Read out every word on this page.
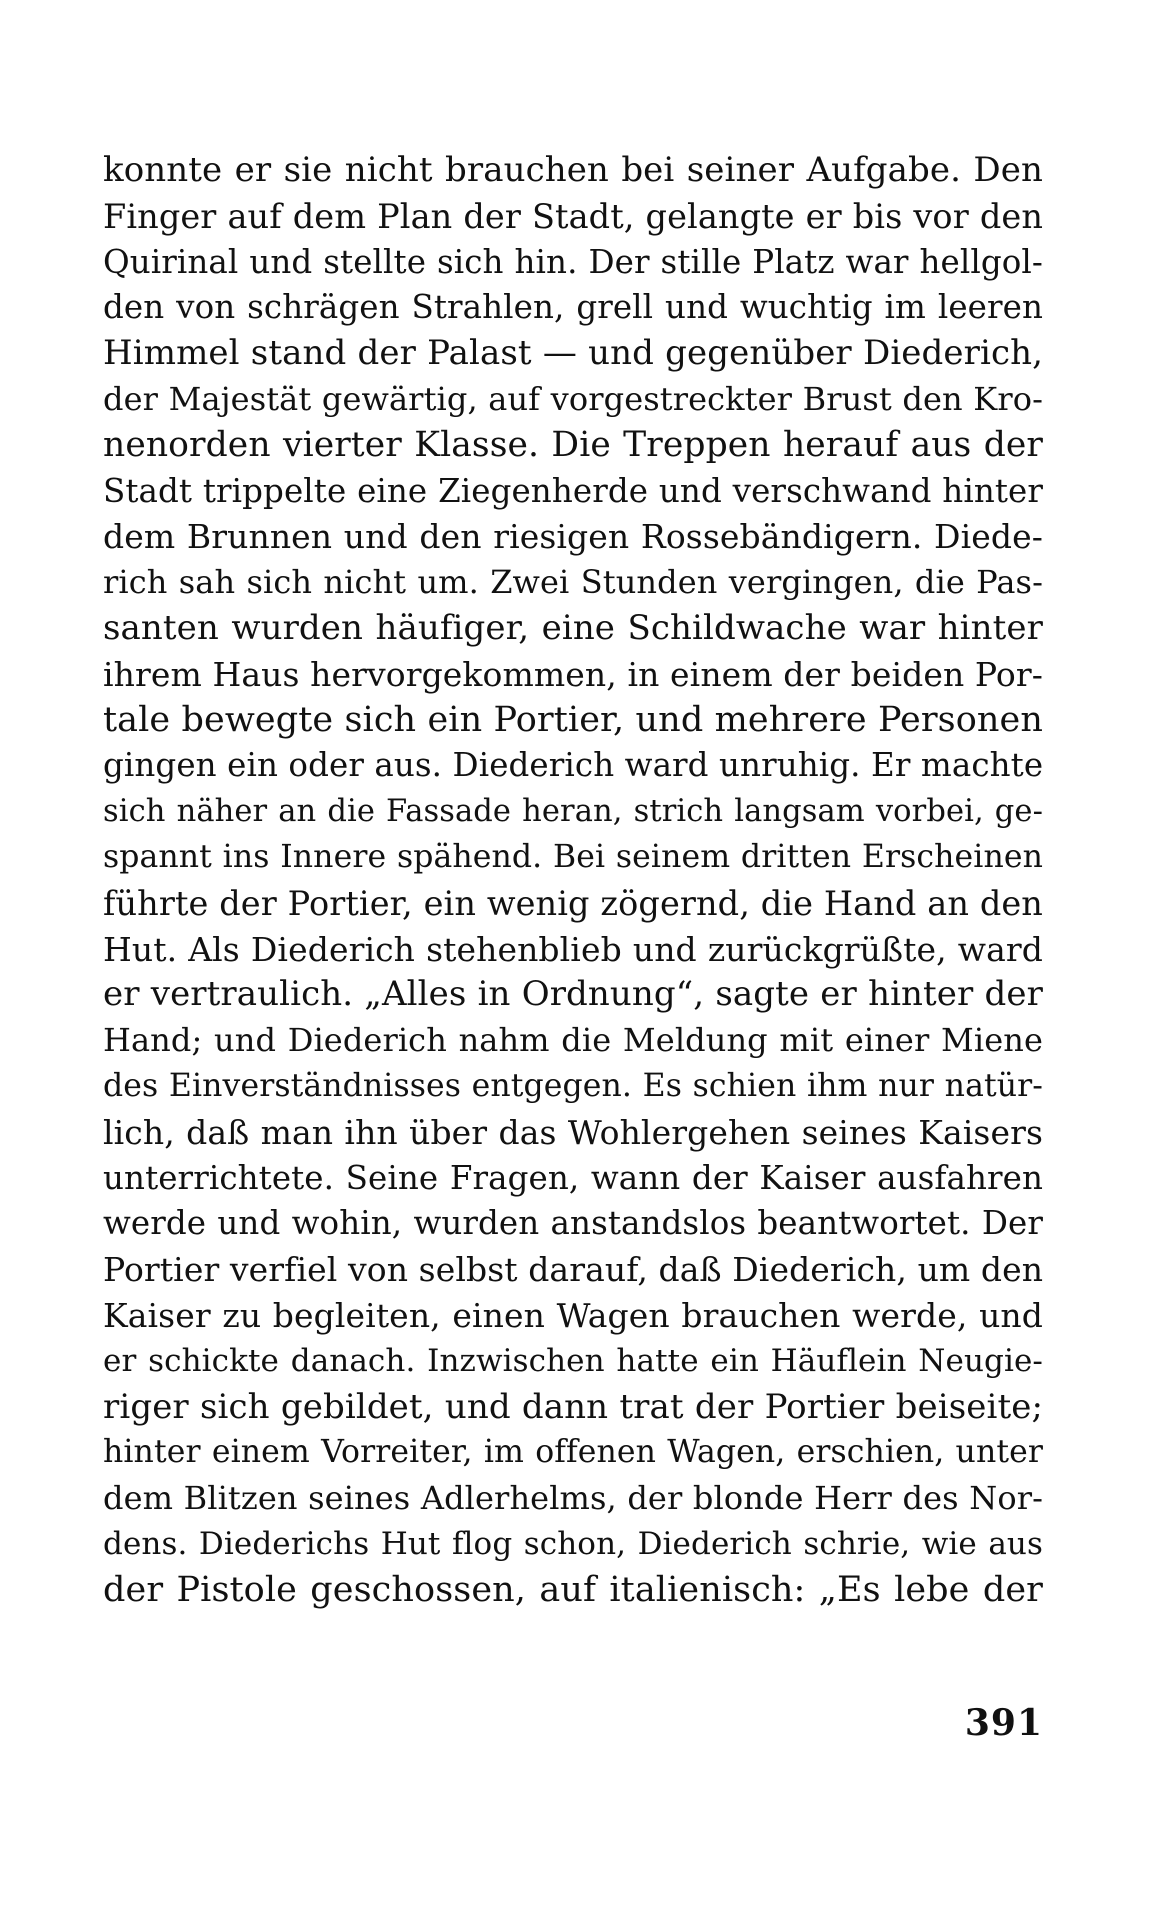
konnte er sie nicht brauchen bei seiner Aufgabe. Den
Finger auf dem Plan der Stadt, gelangte er bis vor den
Quirinal und stellte sich hin. Der stille Platz war hellgol-
den von schrägen Strahlen, grell und wuchtig im leeren
Himmel stand der Palast — und gegenüber Diederich,
der Majestät gewärtig, auf vorgestreckter Brust den Kro-
nenorden vierter Klasse. Die Treppen herauf aus der
Stadt trippelte eine Ziegenherde und verschwand hinter
dem Brunnen und den riesigen Rossebändigern. Diede-
rich sah sich nicht um. Zwei Stunden vergingen, die Pas-
santen wurden häufiger, eine Schildwache war hinter
ihrem Haus hervorgekommen, in einem der beiden Por-
tale bewegte sich ein Portier, und mehrere Personen
gingen ein oder aus. Diederich ward unruhig. Er machte
sich näher an die Fassade heran, strich langsam vorbei, ge-
spannt ins Innere spähend. Bei seinem dritten Erscheinen
führte der Portier, ein wenig zögernd, die Hand an den
Hut. Als Diederich stehenblieb und zurückgrüßte, ward
er vertraulich. „Alles in Ordnung“, sagte er hinter der
Hand; und Diederich nahm die Meldung mit einer Miene
des Einverständnisses entgegen. Es schien ihm nur natür-
lich, daß man ihn über das Wohlergehen seines Kaisers
unterrichtete. Seine Fragen, wann der Kaiser ausfahren
werde und wohin, wurden anstandslos beantwortet. Der
Portier verfiel von selbst darauf, daß Diederich, um den
Kaiser zu begleiten, einen Wagen brauchen werde, und
er schickte danach. Inzwischen hatte ein Häuflein Neugie-
riger sich gebildet, und dann trat der Portier beiseite;
hinter einem Vorreiter, im offenen Wagen, erschien, unter
dem Blitzen seines Adlerhelms, der blonde Herr des Nor-
dens. Diederichs Hut flog schon, Diederich schrie, wie aus
der Pistole geschossen, auf italienisch: „Es lebe der
391
